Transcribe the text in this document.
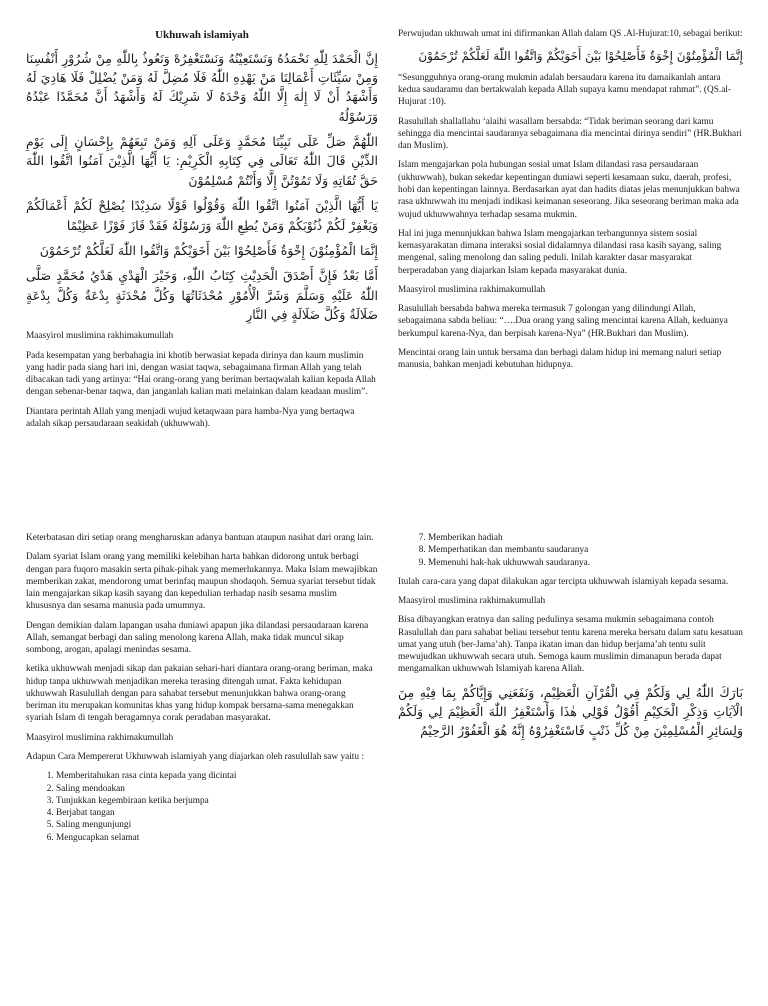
Ukhuwah islamiyah
إِنَّ الْحَمْدَ لِلّٰهِ نَحْمَدُهُ وَنَسْتَعِيْنُهُ وَنَسْتَغْفِرُهْ وَنَعُوذُ بِاللّٰهِ مِنْ شُرُوْرِ أَنْفُسِنَا وَمِنْ سَيِّئَاتِ أَعْمَالِنَا مَنْ يَهْدِهِ اللّٰهُ فَلَا مُضِلَّ لَهُ وَمَنْ يُضْلِلْ فَلَا هَادِيَ لَهُ وَأَشْهَدُ أَنْ لَا إِلٰهَ إِلَّا اللّٰهُ وَحْدَهُ لَا شَرِيْكَ لَهُ وَأَشْهَدُ أَنَّ مُحَمَّدًا عَبْدُهُ وَرَسُوْلُهُ
اللّٰهُمَّ صَلِّ عَلَى نَبِيِّنَا مُحَمَّدٍ وَعَلَى آلِهِ وَمَنْ تَبِعَهُمْ بِإِحْسَانٍ إِلَى يَوْمِ الدِّيْنِ قَالَ اللّٰهُ تَعَالَى فِي كِتَابِهِ الْكَرِيْمِ: يَا أَيُّهَا الَّذِيْنَ آمَنُوا اتَّقُوا اللّٰهَ حَقَّ تُقَاتِهِ وَلَا تَمُوْتُنَّ إِلَّا وَأَنْتُمْ مُسْلِمُوْنَ
يَا أَيُّهَا الَّذِيْنَ آمَنُوا اتَّقُوا اللّٰهَ وَقُوْلُوا قَوْلًا سَدِيْدًا يُصْلِحْ لَكُمْ أَعْمَالَكُمْ وَيَغْفِرْ لَكُمْ ذُنُوْبَكُمْ وَمَنْ يُطِعِ اللّٰهَ وَرَسُوْلَهُ فَقَدْ فَازَ فَوْزًا عَظِيْمًا
إِنَّمَا الْمُؤْمِنُوْنَ إِخْوَةٌ فَأَصْلِحُوْا بَيْنَ أَخَوَيْكُمْ وَاتَّقُوا اللّٰهَ لَعَلَّكُمْ تُرْحَمُوْنَ
أَمَّا بَعْدُ فَإِنَّ أَصْدَقَ الْحَدِيْثِ كِتَابُ اللّٰهِ، وَخَيْرَ الْهَدْيِ هَدْيُ مُحَمَّدٍ صَلَّى اللّٰهُ عَلَيْهِ وَسَلَّمَ وَشَرَّ الْأُمُوْرِ مُحْدَثَاتُهَا وَكُلَّ مُحْدَثَةٍ بِدْعَةٌ وَكُلَّ بِدْعَةٍ ضَلَالَةٌ وَكُلَّ ضَلَالَةٍ فِي النَّارِ

Maasyirol muslimina rakhimakumullah

Pada kesempatan yang berbahagia ini khotib berwasiat kepada dirinya dan kaum muslimin yang hadir pada siang hari ini, dengan wasiat taqwa, sebagaimana firman Allah yang telah dibacakan tadi yang artinya: “Hai orang-orang yang beriman bertaqwalah kalian kepada Allah dengan sebenar-benar taqwa, dan janganlah kalian mati melainkan dalam keadaan muslim”.

Diantara perintah Allah yang menjadi wujud ketaqwaan para hamba-Nya yang bertaqwa adalah sikap persaudaraan seakidah (ukhuwwah).

Perwujudan ukhuwah umat ini difirmankan Allah dalam QS .Al-Hujurat:10, sebagai berikut:

إِنَّمَا الْمُؤْمِنُوْنَ إِخْوَةٌ فَأَصْلِحُوْا بَيْنَ أَخَوَيْكُمْ وَاتَّقُوا اللّٰهَ لَعَلَّكُمْ تُرْحَمُوْنَ

“Sesungguhnya orang-orang mukmin adalah bersaudara karena itu damaikanlah antara kedua saudaramu dan bertakwalah kepada Allah supaya kamu mendapat rahmat”. (QS.al-Hujurat :10).

Rasulullah shallallahu ‘alaihi wasallam bersabda: “Tidak beriman seorang dari kamu sehingga dia mencintai saudaranya sebagaimana dia mencintai dirinya sendiri” (HR.Bukhari dan Muslim).

Islam mengajarkan pola hubungan sosial umat Islam dilandasi rasa persaudaraan (ukhuwwah), bukan sekedar kepentingan duniawi seperti kesamaan suku, daerah, profesi, hobi dan kepentingan lainnya. Berdasarkan ayat dan hadits diatas jelas menunjukkan bahwa rasa ukhuwwah itu menjadi indikasi keimanan seseorang. Jika seseorang beriman maka ada wujud ukhuwwahnya terhadap sesama mukmin.

Hal ini juga menunjukkan bahwa Islam mengajarkan terbangunnya sistem sosial kemasyarakatan dimana interaksi sosial didalamnya dilandasi rasa kasih sayang, saling mengenal, saling menolong dan saling peduli. Inilah karakter dasar masyarakat berperadaban yang diajarkan Islam kepada masyarakat dunia.

Maasyirol muslimina rakhimakumullah

Rasulullah bersabda bahwa mereka termasuk 7 golongan yang dilindungi Allah, sebagaimana sabda beliau: “….Dua orang yang saling mencintai karena Allah, keduanya berkumpul karena-Nya, dan berpisah karena-Nya” (HR.Bukhari dan Muslim).

Mencintai orang lain untuk bersama dan berbagi dalam hidup ini memang naluri setiap manusia, bahkan menjadi kebutuhan hidupnya.

Keterbatasan diri setiap orang mengharuskan adanya bantuan ataupun nasihat dari orang lain.

Dalam syariat Islam orang yang memiliki kelebihan harta bahkan didorong untuk berbagi dengan para fuqoro masakin serta pihak-pihak yang memerlukannya. Maka Islam mewajibkan memberikan zakat, mendorong umat berinfaq maupun shodaqoh. Semua syariat tersebut tidak lain mengajarkan sikap kasih sayang dan kepedulian terhadap nasib sesama muslim khususnya dan sesama manusia pada umumnya.

Dengan demikian dalam lapangan usaha duniawi apapun jika dilandasi persaudaraan karena Allah, semangat berbagi dan saling menolong karena Allah, maka tidak muncul sikap sombong, arogan, apalagi menindas sesama.

ketika ukhuwwah menjadi sikap dan pakaian sehari-hari diantara orang-orang beriman, maka hidup tanpa ukhuwwah menjadikan mereka terasing ditengah umat. Fakta kehidupan ukhuwwah Rasulullah dengan para sahabat tersebut menunjukkan bahwa orang-orang beriman itu merupakan komunitas khas yang hidup kompak bersama-sama menegakkan syariah Islam di tengah beragamnya corak peradaban masyarakat.

Maasyirol muslimina rakhimakumullah

Adapun Cara Mempererat Ukhuwwah islamiyah yang diajarkan oleh rasulullah saw yaitu :

1. Memberitahukan rasa cinta kepada yang dicintai
2. Saling mendoakan
3. Tunjukkan kegembiraan ketika berjumpa
4. Berjabat tangan
5. Saling mengunjungi
6. Mengucapkan selamat
7. Memberikan hadiah
8. Memperhatikan dan membantu saudaranya
9. Memenuhi hak-hak ukhuwwah saudaranya.

Itulah cara-cara yang dapat dilakukan agar tercipta ukhuwwah islamiyah kepada sesama.

Maasyirol muslimina rakhimakumullah

Bisa dibayangkan eratnya dan saling pedulinya sesama mukmin sebagaimana contoh Rasulullah dan para sahabat beliau tersebut tentu karena mereka bersatu dalam satu kesatuan umat yang utuh (ber-Jama’ah). Tanpa ikatan iman dan hidup berjama’ah tentu sulit mewujudkan ukhuwwah secara utuh. Semoga kaum muslimin dimanapun berada dapat mengamalkan ukhuwwah Islamiyah karena Allah.

بَارَكَ اللّٰهُ لِي وَلَكُمْ فِي الْقُرْآنِ الْعَظِيْمِ، وَنَفَعَنِي وَإِيَّاكُمْ بِمَا فِيْهِ مِنَ الْآيَاتِ وَذِكْرِ الْحَكِيْمِ أَقُوْلُ قَوْلِي هٰذَا وَأَسْتَغْفِرُ اللّٰهَ الْعَظِيْمَ لِي وَلَكُمْ وَلِسَائِرِ الْمُسْلِمِيْنَ مِنْ كُلِّ ذَنْبٍ فَاسْتَغْفِرُوْهُ إِنَّهُ هُوَ الْغَفُوْرُ الرَّحِيْمُ
